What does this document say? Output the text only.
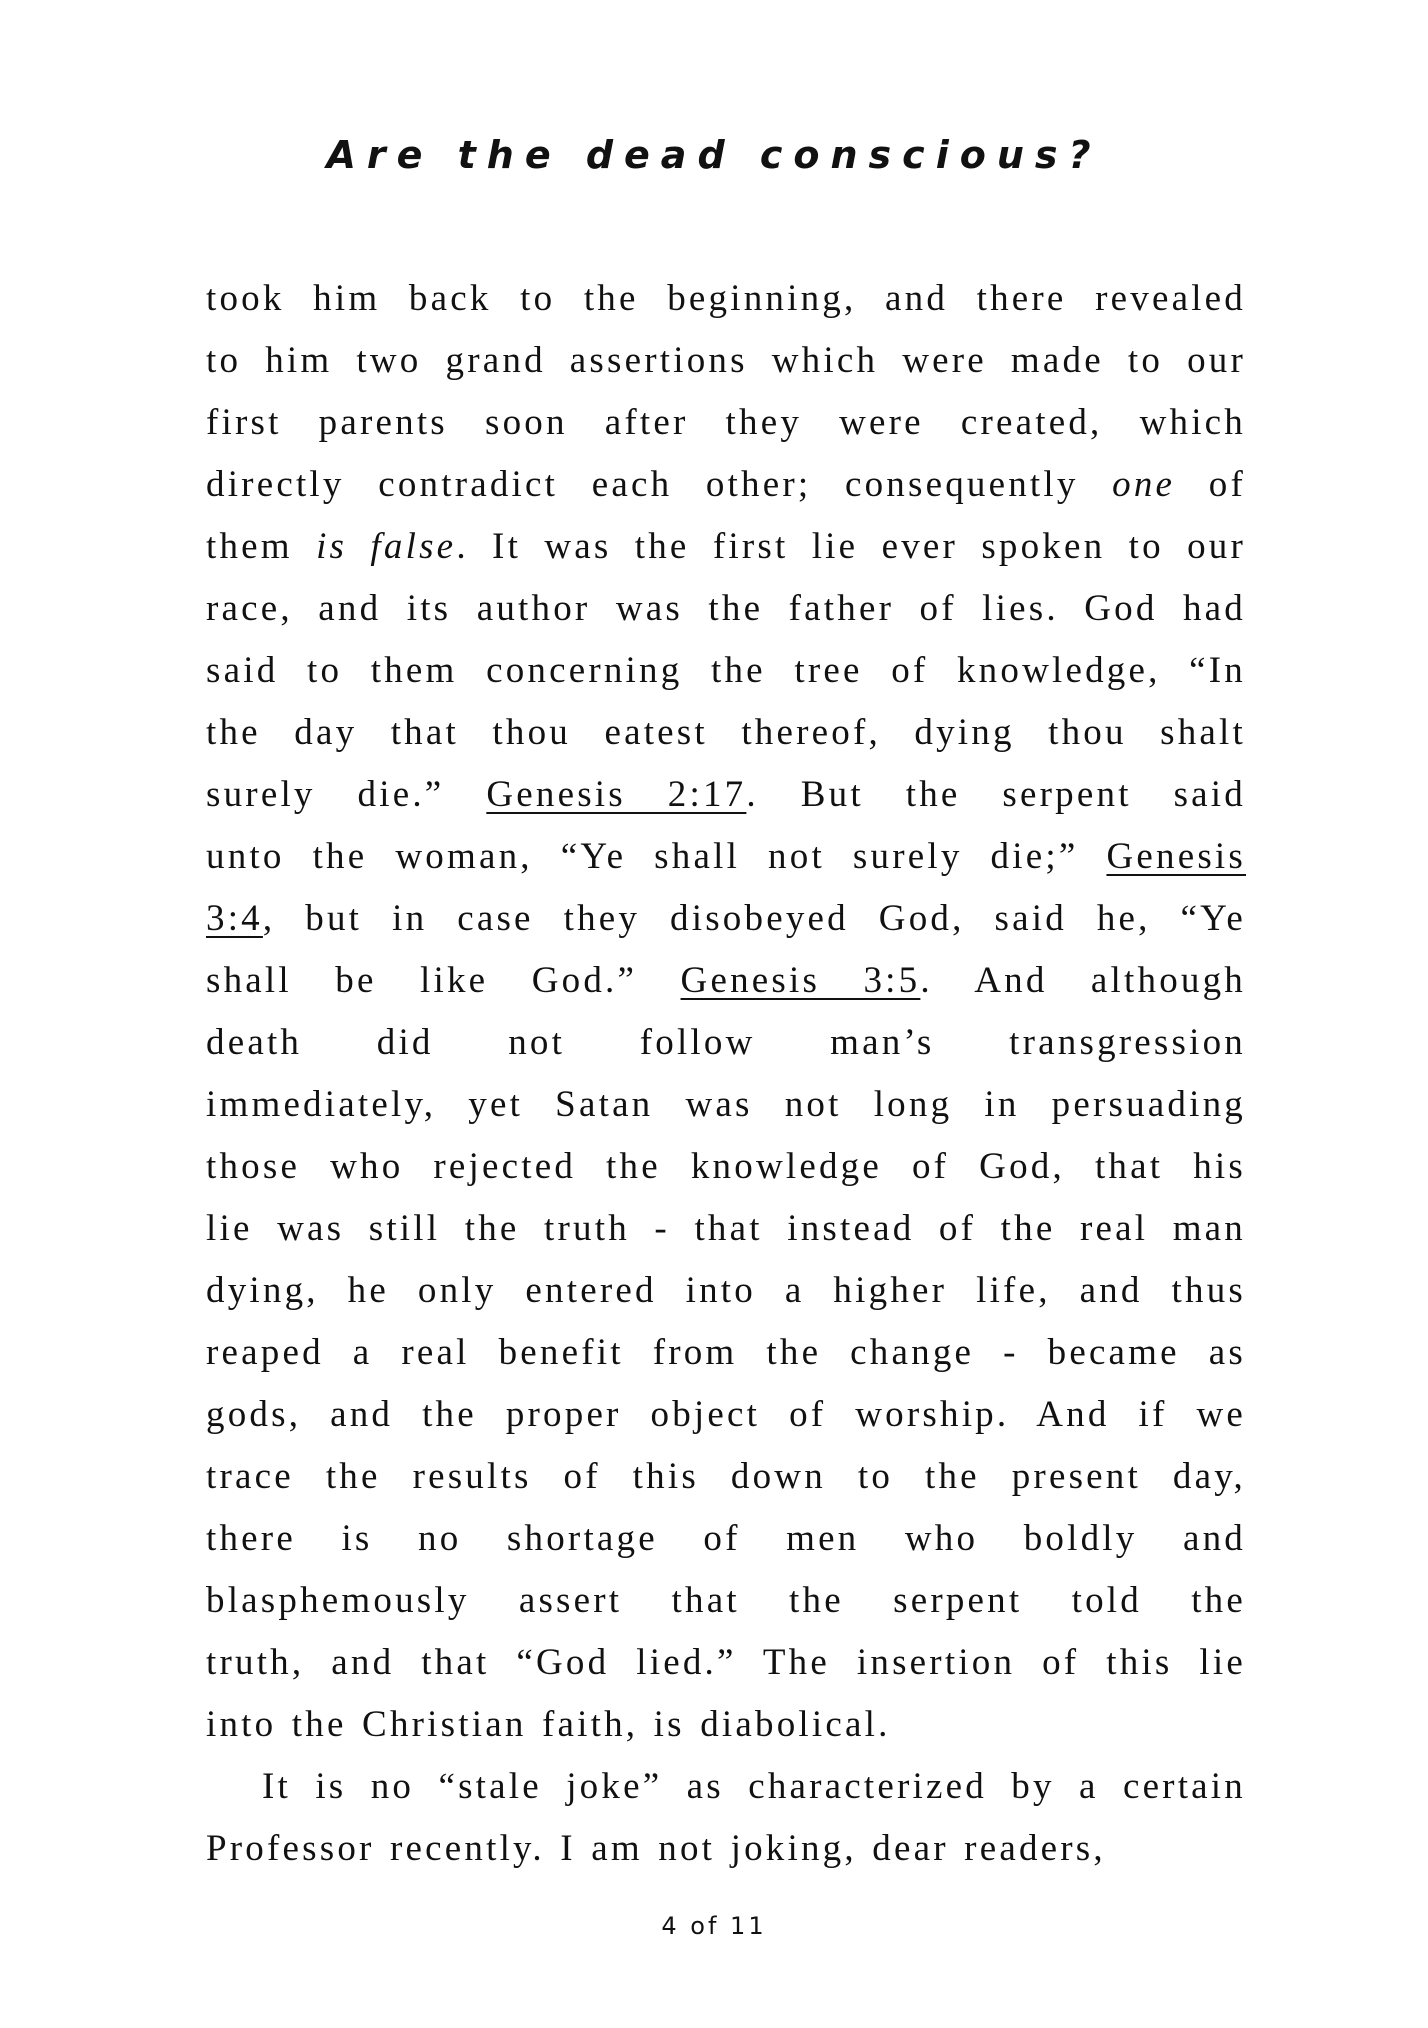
Are the dead conscious?
took him back to the beginning, and there revealed
to him two grand assertions which were made to our
first parents soon after they were created, which
directly contradict each other; consequently one of
them is false. It was the first lie ever spoken to our
race, and its author was the father of lies. God had
said to them concerning the tree of knowledge, “In
the day that thou eatest thereof, dying thou shalt
surely die.” Genesis 2:17. But the serpent said
unto the woman, “Ye shall not surely die;” Genesis
3:4, but in case they disobeyed God, said he, “Ye
shall be like God.” Genesis 3:5. And although
death did not follow man’s transgression
immediately, yet Satan was not long in persuading
those who rejected the knowledge of God, that his
lie was still the truth - that instead of the real man
dying, he only entered into a higher life, and thus
reaped a real benefit from the change - became as
gods, and the proper object of worship. And if we
trace the results of this down to the present day,
there is no shortage of men who boldly and
blasphemously assert that the serpent told the
truth, and that “God lied.” The insertion of this lie
into the Christian faith, is diabolical.
It is no “stale joke” as characterized by a certain
Professor recently. I am not joking, dear readers,
4 of 11
